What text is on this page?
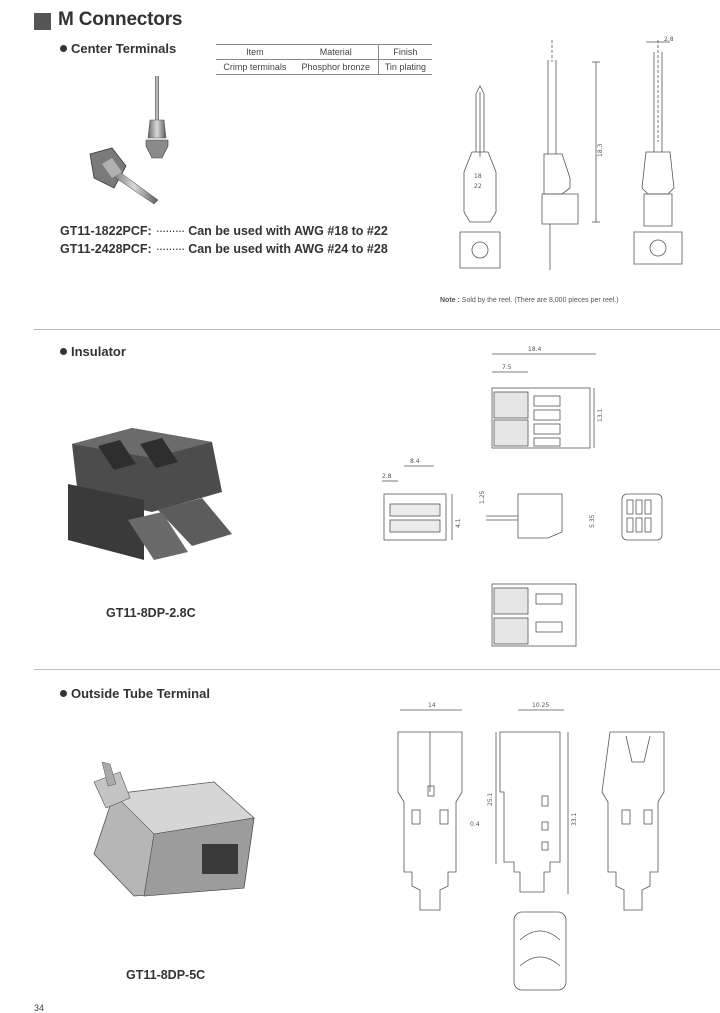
M Connectors
Center Terminals	Item	Material	Finish
Crimp terminals	Phosphor bronze	Tin plating
GT11-1822PCF: ········· Can be used with AWG #18 to #22
GT11-2428PCF: ········· Can be used with AWG #24 to #28
18
22
18.3
2.8
Note : Sold by the reel. (There are 8,000 pieces per reel.)
Insulator
GT11-8DP-2.8C
18.4
7.5
13.1
8.4
2.8
1.25
4.1	5.35
Outside Tube Terminal
GT11-8DP-5C
14
0.4
10.25
25.1
33.1
34
